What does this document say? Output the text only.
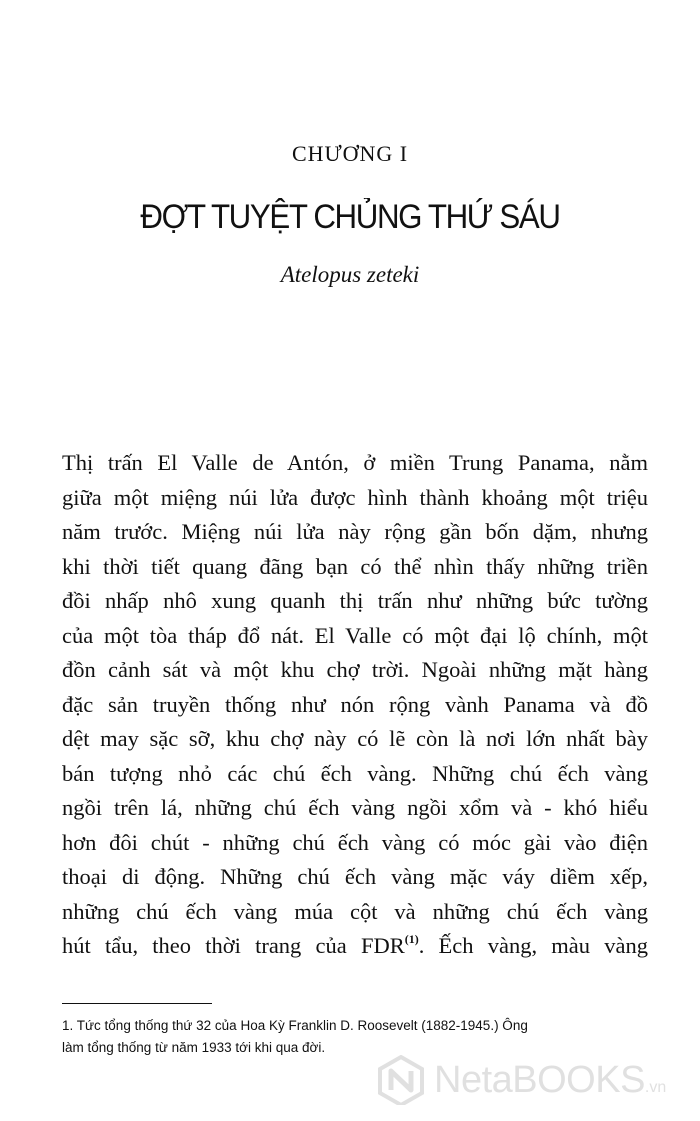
CHƯƠNG I
ĐỢT TUYỆT CHỦNG THỨ SÁU
Atelopus zeteki
Thị trấn El Valle de Antón, ở miền Trung Panama, nằm
giữa một miệng núi lửa được hình thành khoảng một triệu
năm trước. Miệng núi lửa này rộng gần bốn dặm, nhưng
khi thời tiết quang đãng bạn có thể nhìn thấy những triền
đồi nhấp nhô xung quanh thị trấn như những bức tường
của một tòa tháp đổ nát. El Valle có một đại lộ chính, một
đồn cảnh sát và một khu chợ trời. Ngoài những mặt hàng
đặc sản truyền thống như nón rộng vành Panama và đồ
dệt may sặc sỡ, khu chợ này có lẽ còn là nơi lớn nhất bày
bán tượng nhỏ các chú ếch vàng. Những chú ếch vàng
ngồi trên lá, những chú ếch vàng ngồi xổm và - khó hiểu
hơn đôi chút - những chú ếch vàng có móc gài vào điện
thoại di động. Những chú ếch vàng mặc váy diềm xếp,
những chú ếch vàng múa cột và những chú ếch vàng
hút tẩu, theo thời trang của FDR$^{(1)}$. Ếch vàng, màu vàng
1. Tức tổng thống thứ 32 của Hoa Kỳ Franklin D. Roosevelt (1882-1945.) Ông
làm tổng thống từ năm 1933 tới khi qua đời.
NetaBOOKS.vn
